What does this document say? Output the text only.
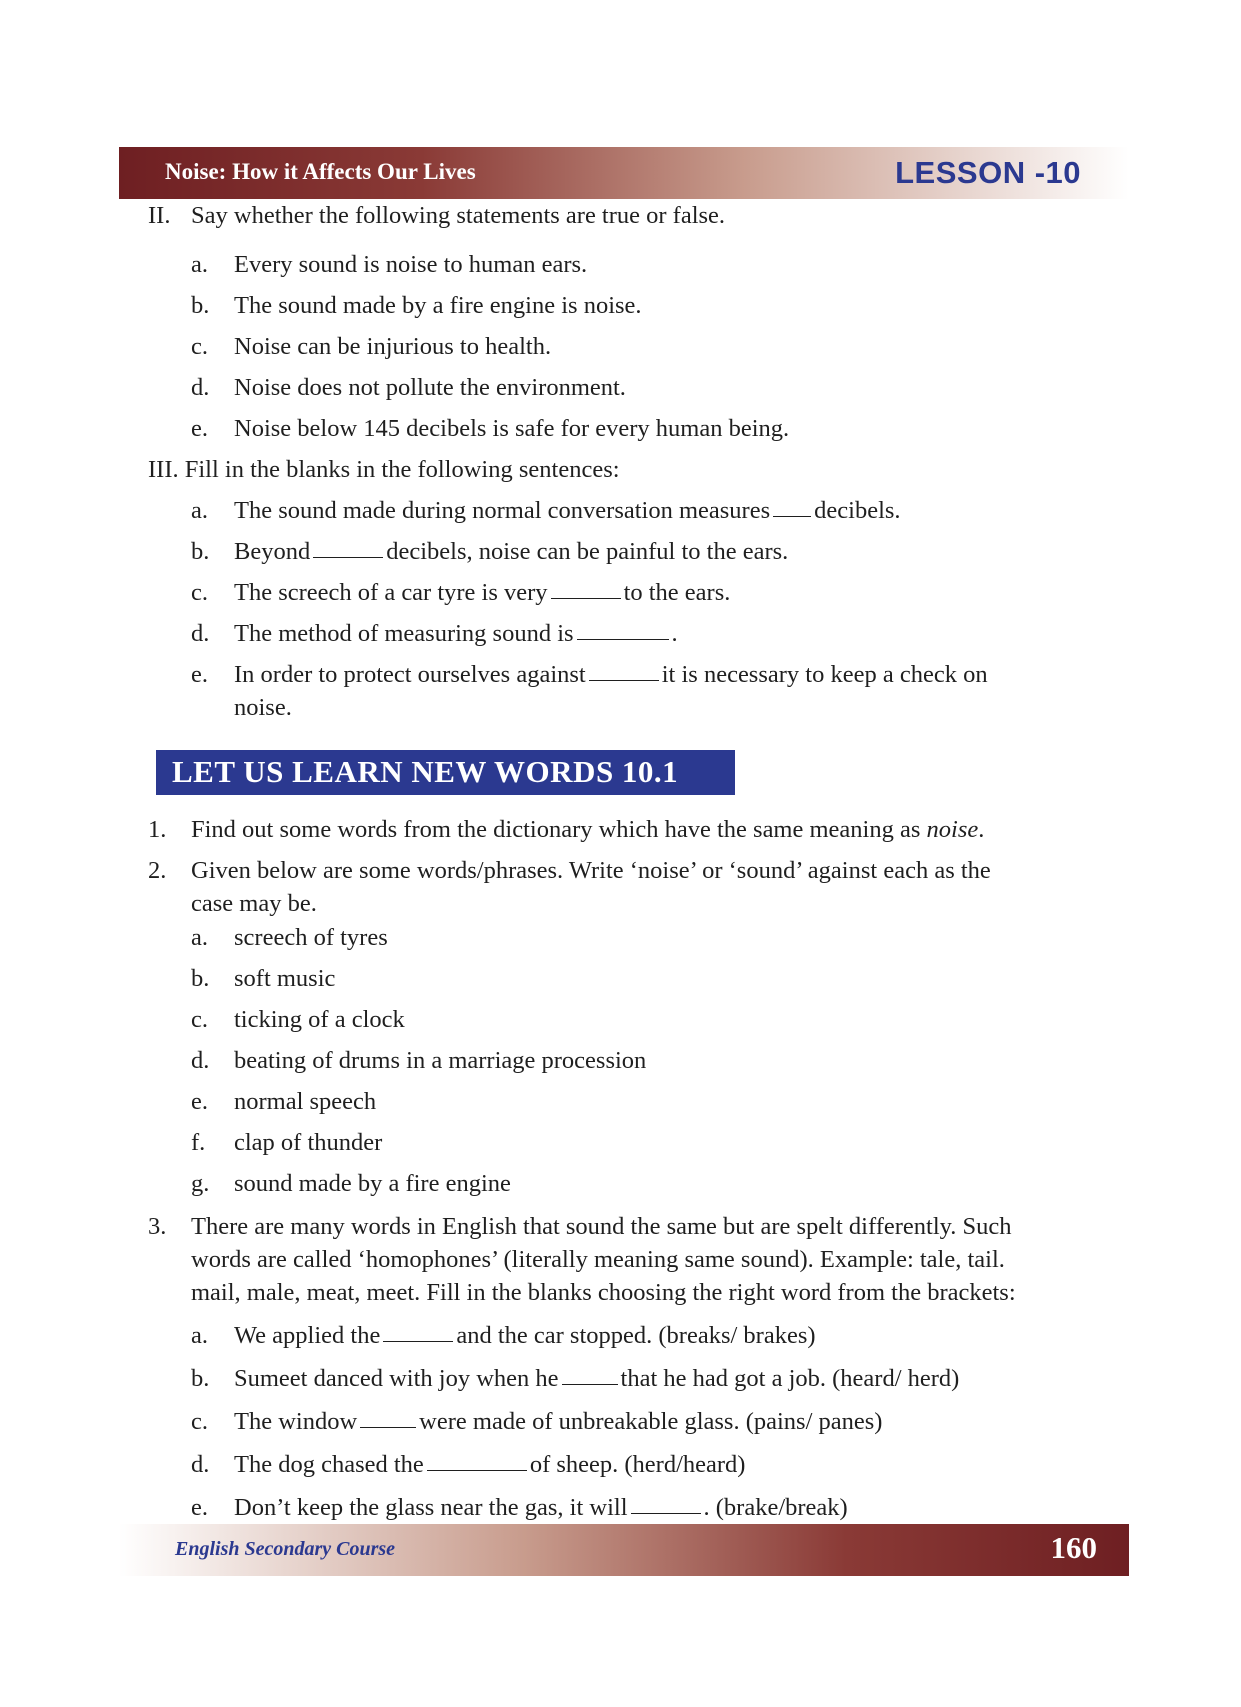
Noise: How it Affects Our Lives	LESSON -10
II. Say whether the following statements are true or false.
a. Every sound is noise to human ears.
b. The sound made by a fire engine is noise.
c. Noise can be injurious to health.
d. Noise does not pollute the environment.
e. Noise below 145 decibels is safe for every human being.
III. Fill in the blanks in the following sentences:
a. The sound made during normal conversation measures decibels.
b. Beyond	decibels, noise can be painful to the ears.
c. The screech of a car tyre is very	to the ears.
d. The method of measuring sound is	.
e. In order to protect ourselves against	it is necessary to keep a check on
noise.
LET US LEARN NEW WORDS 10.1
1. Find out some words from the dictionary which have the same meaning as noise.
2. Given below are some words/phrases. Write ‘noise’ or ‘sound’ against each as the
case may be.
a. screech of tyres
b. soft music
c. ticking of a clock
d. beating of drums in a marriage procession
e. normal speech
f. clap of thunder
g. sound made by a fire engine
3. There are many words in English that sound the same but are spelt differently. Such
words are called ‘homophones’ (literally meaning same sound). Example: tale, tail.
mail, male, meat, meet. Fill in the blanks choosing the right word from the brackets:
a. We applied the	and the car stopped. (breaks/ brakes)
b. Sumeet danced with joy when he	that he had got a job. (heard/ herd)
c. The window	were made of unbreakable glass. (pains/ panes)
d. The dog chased the	of sheep. (herd/heard)
e. Don’t keep the glass near the gas, it will	. (brake/break)
English Secondary Course	160
